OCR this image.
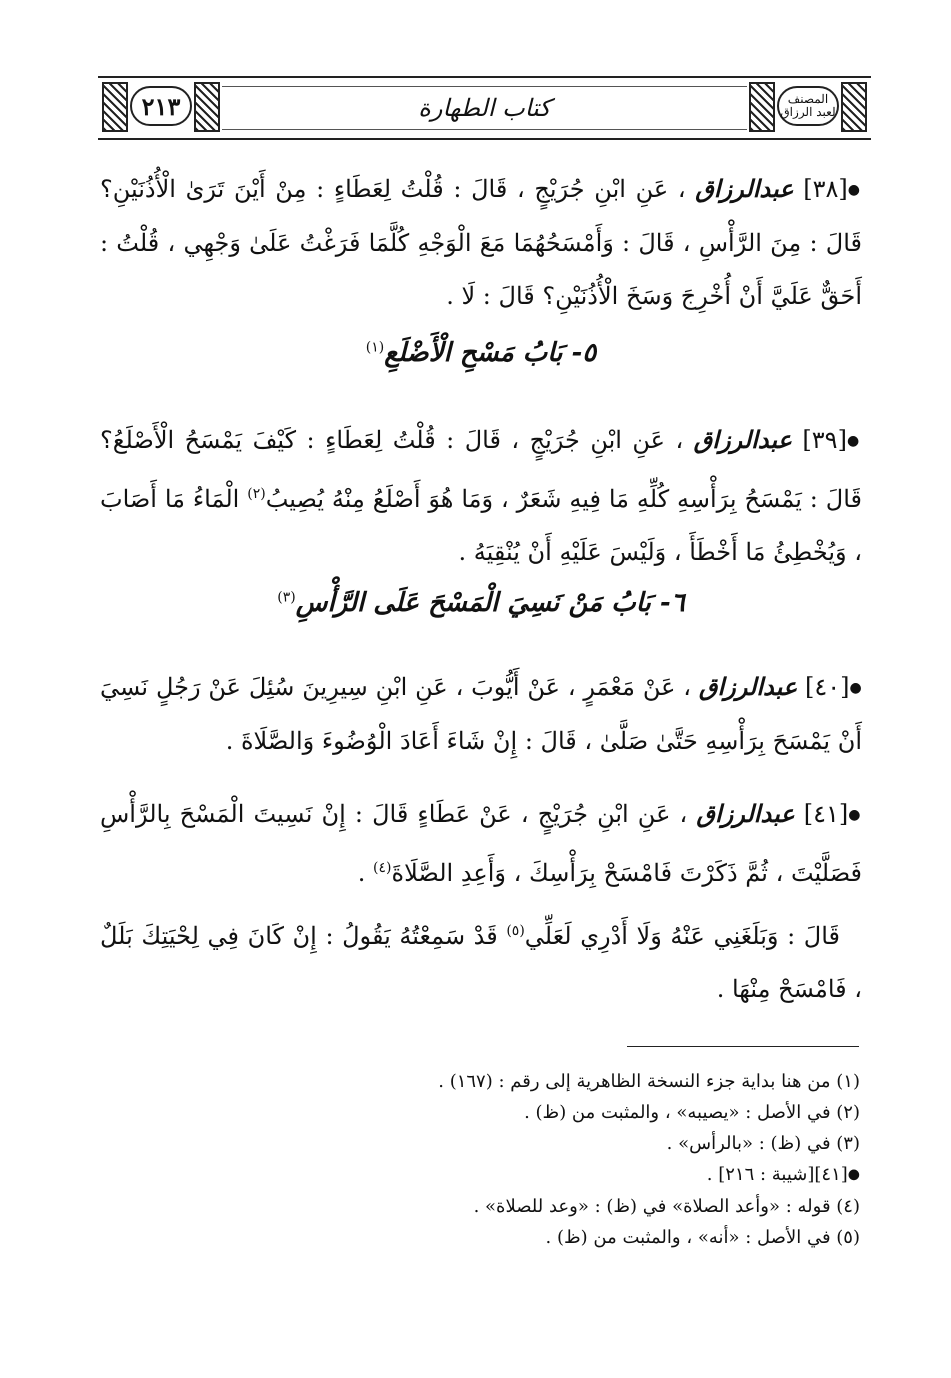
٢١٣	كتاب الطهارة	المصنف لعبد الرزاق
●[٣٨] عبدالرزاق ، عَنِ ابْنِ جُرَيْجٍ ، قَالَ : قُلْتُ لِعَطَاءٍ : مِنْ أَيْنَ تَرَىٰ الْأُذُنَيْنِ؟ قَالَ : مِنَ الرَّأْسِ ، قَالَ : وَأَمْسَحُهُمَا مَعَ الْوَجْهِ كُلَّمَا فَرَغْتُ عَلَىٰ وَجْهِي ، قُلْتُ : أَحَقٌّ عَلَيَّ أَنْ أُخْرِجَ وَسَخَ الْأُذُنَيْنِ؟ قَالَ : لَا .
٥- بَابُ مَسْحِ الْأَضْلَعِ$^{(١)}$
●[٣٩] عبدالرزاق ، عَنِ ابْنِ جُرَيْجٍ ، قَالَ : قُلْتُ لِعَطَاءٍ : كَيْفَ يَمْسَحُ الْأَصْلَعُ؟ قَالَ : يَمْسَحُ بِرَأْسِهِ كُلِّهِ مَا فِيهِ شَعَرٌ ، وَمَا هُوَ أَصْلَعُ مِنْهُ يُصِيبُ$^{(٢)}$ الْمَاءُ مَا أَصَابَ ، وَيُخْطِئُ مَا أَخْطَأَ ، وَلَيْسَ عَلَيْهِ أَنْ يُنْقِيَهُ .
٦- بَابُ مَنْ نَسِيَ الْمَسْحَ عَلَى الرَّأْسِ$^{(٣)}$
●[٤٠] عبدالرزاق ، عَنْ مَعْمَرٍ ، عَنْ أَيُّوبَ ، عَنِ ابْنِ سِيرِينَ سُئِلَ عَنْ رَجُلٍ نَسِيَ أَنْ يَمْسَحَ بِرَأْسِهِ حَتَّىٰ صَلَّىٰ ، قَالَ : إِنْ شَاءَ أَعَادَ الْوُضُوءَ وَالصَّلَاةَ .
●[٤١] عبدالرزاق ، عَنِ ابْنِ جُرَيْجٍ ، عَنْ عَطَاءٍ قَالَ : إِنْ نَسِيتَ الْمَسْحَ بِالرَّأْسِ فَصَلَّيْتَ ، ثُمَّ ذَكَرْتَ فَامْسَحْ بِرَأْسِكَ ، وَأَعِدِ الصَّلَاةَ$^{(٤)}$ .
قَالَ : وَبَلَغَنِي عَنْهُ وَلَا أَدْرِي لَعَلِّي$^{(٥)}$ قَدْ سَمِعْتُهُ يَقُولُ : إِنْ كَانَ فِي لِحْيَتِكَ بَلَلٌ ، فَامْسَحْ مِنْهَا .
(١) من هنا بداية جزء النسخة الظاهرية إلى رقم : (١٦٧) .
(٢) في الأصل : «يصيبه» ، والمثبت من (ظ) .
(٣) في (ظ) : «بالرأس» .
●[٤١][شيبة : ٢١٦] .
(٤) قوله : «وأعد الصلاة» في (ظ) : «وعد للصلاة» .
(٥) في الأصل : «أنه» ، والمثبت من (ظ) .
